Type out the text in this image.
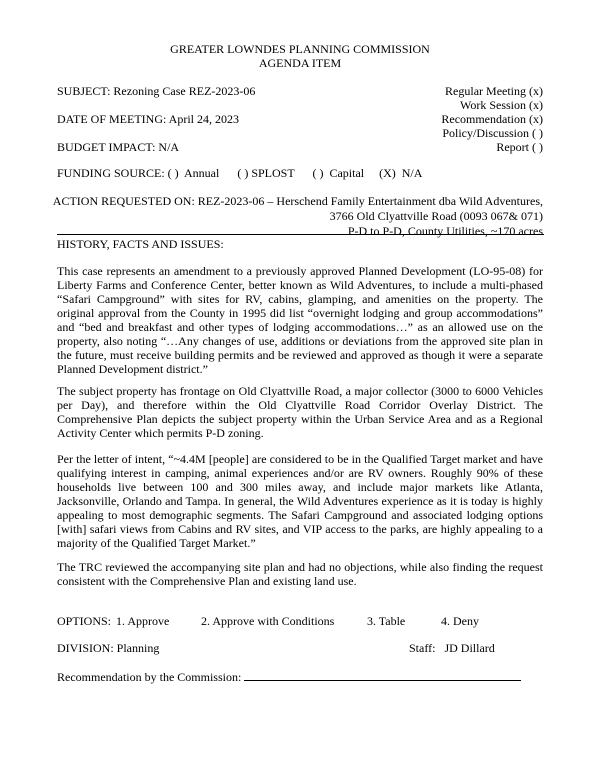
GREATER LOWNDES PLANNING COMMISSION
AGENDA ITEM
SUBJECT: Rezoning Case REZ-2023-06	Regular Meeting (x)
Work Session (x)
Recommendation (x)
Policy/Discussion ( )
Report ( )
DATE OF MEETING: April 24, 2023
BUDGET IMPACT: N/A
FUNDING SOURCE: ( )  Annual      ( ) SPLOST      ( )  Capital     (X)  N/A
ACTION REQUESTED ON: REZ-2023-06 – Herschend Family Entertainment dba Wild Adventures,
3766 Old Clyattville Road (0093 067& 071)
P-D to P-D, County Utilities, ~170 acres
HISTORY, FACTS AND ISSUES:
This case represents an amendment to a previously approved Planned Development (LO-95-08) for Liberty Farms and Conference Center, better known as Wild Adventures, to include a multi-phased “Safari Campground” with sites for RV, cabins, glamping, and amenities on the property. The original approval from the County in 1995 did list “overnight lodging and group accommodations” and “bed and breakfast and other types of lodging accommodations…” as an allowed use on the property, also noting “…Any changes of use, additions or deviations from the approved site plan in the future, must receive building permits and be reviewed and approved as though it were a separate Planned Development district.”
The subject property has frontage on Old Clyattville Road, a major collector (3000 to 6000 Vehicles per Day), and therefore within the Old Clyattville Road Corridor Overlay District. The Comprehensive Plan depicts the subject property within the Urban Service Area and as a Regional Activity Center which permits P-D zoning.
Per the letter of intent, “~4.4M [people] are considered to be in the Qualified Target market and have qualifying interest in camping, animal experiences and/or are RV owners. Roughly 90% of these households live between 100 and 300 miles away, and include major markets like Atlanta, Jacksonville, Orlando and Tampa. In general, the Wild Adventures experience as it is today is highly appealing to most demographic segments. The Safari Campground and associated lodging options [with] safari views from Cabins and RV sites, and VIP access to the parks, are highly appealing to a majority of the Qualified Target Market.”
The TRC reviewed the accompanying site plan and had no objections, while also finding the request consistent with the Comprehensive Plan and existing land use.
OPTIONS: 1. Approve	2. Approve with Conditions	3. Table	4. Deny
DIVISION: Planning	Staff:   JD Dillard
Recommendation by the Commission:
